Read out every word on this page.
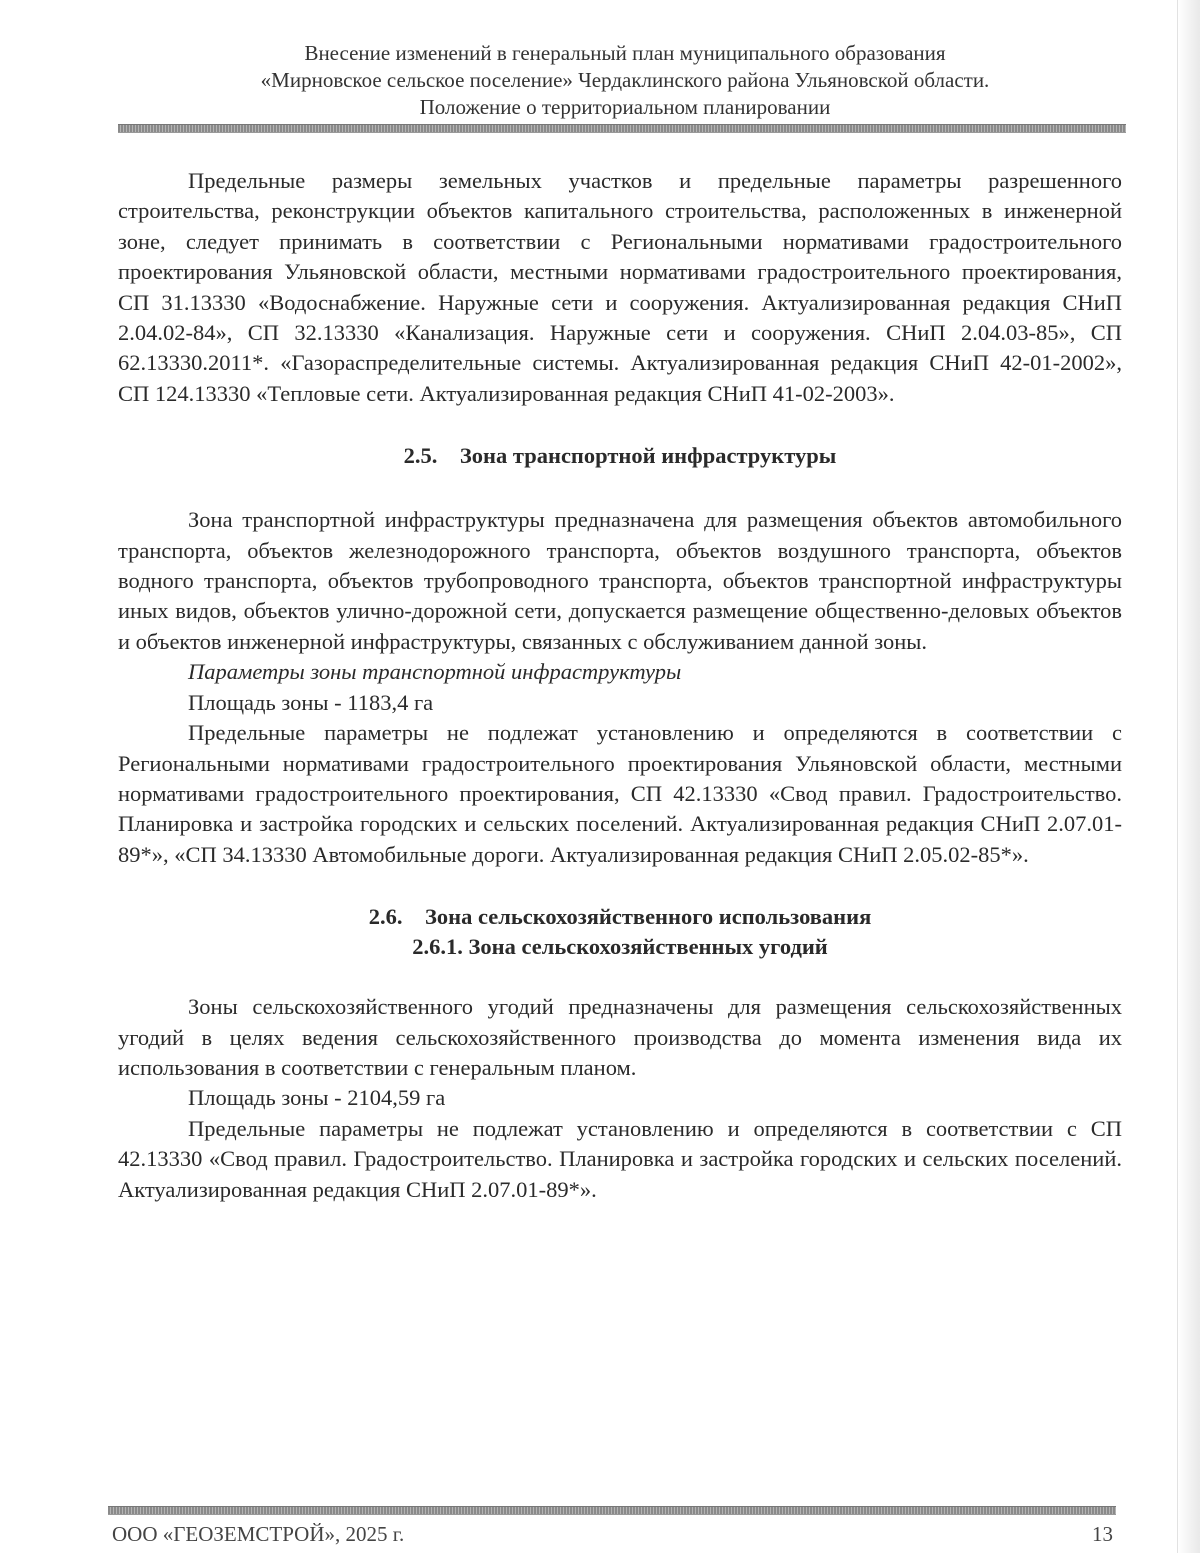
Внесение изменений в генеральный план муниципального образования
«Мирновское сельское поселение» Чердаклинского района Ульяновской области.
Положение о территориальном планировании

Предельные размеры земельных участков и предельные параметры разрешенного строительства, реконструкции объектов капитального строительства, расположенных в инженерной зоне, следует принимать в соответствии с Региональными нормативами градостроительного проектирования Ульяновской области, местными нормативами градостроительного проектирования, СП 31.13330 «Водоснабжение. Наружные сети и сооружения. Актуализированная редакция СНиП 2.04.02-84», СП 32.13330 «Канализация. Наружные сети и сооружения. СНиП 2.04.03-85», СП 62.13330.2011*. «Газораспределительные системы. Актуализированная редакция СНиП 42-01-2002», СП 124.13330 «Тепловые сети. Актуализированная редакция СНиП 41-02-2003».

2.5.    Зона транспортной инфраструктуры

Зона транспортной инфраструктуры предназначена для размещения объектов автомобильного транспорта, объектов железнодорожного транспорта, объектов воздушного транспорта, объектов водного транспорта, объектов трубопроводного транспорта, объектов транспортной инфраструктуры иных видов, объектов улично-дорожной сети, допускается размещение общественно-деловых объектов и объектов инженерной инфраструктуры, связанных с обслуживанием данной зоны.

Параметры зоны транспортной инфраструктуры

Площадь зоны - 1183,4 га

Предельные параметры не подлежат установлению и определяются в соответствии с Региональными нормативами градостроительного проектирования Ульяновской области, местными нормативами градостроительного проектирования, СП 42.13330 «Свод правил. Градостроительство. Планировка и застройка городских и сельских поселений. Актуализированная редакция СНиП 2.07.01-89*», «СП 34.13330 Автомобильные дороги. Актуализированная редакция СНиП 2.05.02-85*».

2.6.    Зона сельскохозяйственного использования

2.6.1. Зона сельскохозяйственных угодий

Зоны сельскохозяйственного угодий предназначены для размещения сельскохозяйственных угодий в целях ведения сельскохозяйственного производства до момента изменения вида их использования в соответствии с генеральным планом.

Площадь зоны - 2104,59 га

Предельные параметры не подлежат установлению и определяются в соответствии с СП 42.13330 «Свод правил. Градостроительство. Планировка и застройка городских и сельских поселений. Актуализированная редакция СНиП 2.07.01-89*».

ООО «ГЕОЗЕМСТРОЙ», 2025 г.	13
